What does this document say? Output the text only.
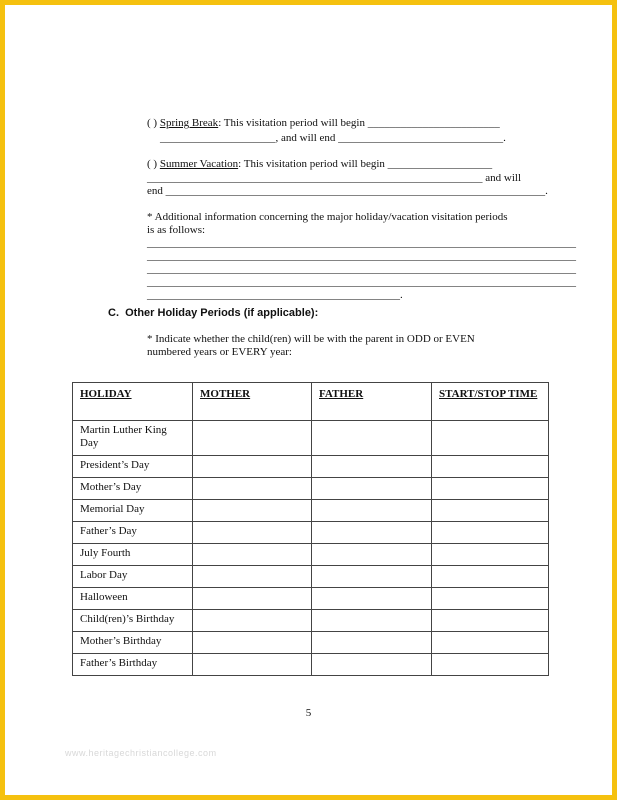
( ) Spring Break: This visitation period will begin ________________________
_____________________, and will end ______________________________.
( ) Summer Vacation: This visitation period will begin ___________________
_____________________________________________________________ and will
end _____________________________________________________________________.
* Additional information concerning the major holiday/vacation visitation periods
is as follows:
______________________________________________________________________________
______________________________________________________________________________
______________________________________________________________________________
______________________________________________________________________________
______________________________________________.
C.  Other Holiday Periods (if applicable):
* Indicate whether the child(ren) will be with the parent in ODD or EVEN
numbered years or EVERY year:
HOLIDAY	MOTHER	FATHER	START/STOP TIME
Martin Luther King Day			
President’s Day			
Mother’s Day			
Memorial Day			
Father’s Day			
July Fourth			
Labor Day			
Halloween			
Child(ren)’s Birthday			
Mother’s Birthday			
Father’s Birthday			
5
www.heritagechristiancollege.com
